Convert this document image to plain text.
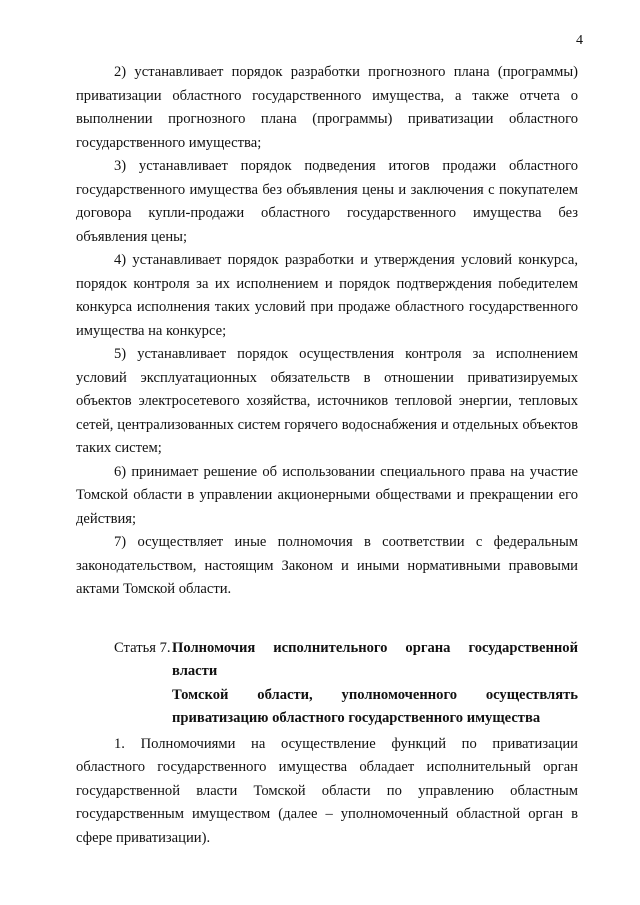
4

2) устанавливает порядок разработки прогнозного плана (программы) приватизации областного государственного имущества, а также отчета о выполнении прогнозного плана (программы) приватизации областного государственного имущества;

3) устанавливает порядок подведения итогов продажи областного государственного имущества без объявления цены и заключения с покупателем договора купли-продажи областного государственного имущества без объявления цены;

4) устанавливает порядок разработки и утверждения условий конкурса, порядок контроля за их исполнением и порядок подтверждения победителем конкурса исполнения таких условий при продаже областного государственного имущества на конкурсе;

5) устанавливает порядок осуществления контроля за исполнением условий эксплуатационных обязательств в отношении приватизируемых объектов электросетевого хозяйства, источников тепловой энергии, тепловых сетей, централизованных систем горячего водоснабжения и отдельных объектов таких систем;

6) принимает решение об использовании специального права на участие Томской области в управлении акционерными обществами и прекращении его действия;

7) осуществляет иные полномочия в соответствии с федеральным законодательством, настоящим Законом и иными нормативными правовыми актами Томской области.

Статья 7. Полномочия исполнительного органа государственной власти
Томской области, уполномоченного осуществлять
приватизацию областного государственного имущества

1. Полномочиями на осуществление функций по приватизации областного государственного имущества обладает исполнительный орган государственной власти Томской области по управлению областным государственным имуществом (далее – уполномоченный областной орган в сфере приватизации).
